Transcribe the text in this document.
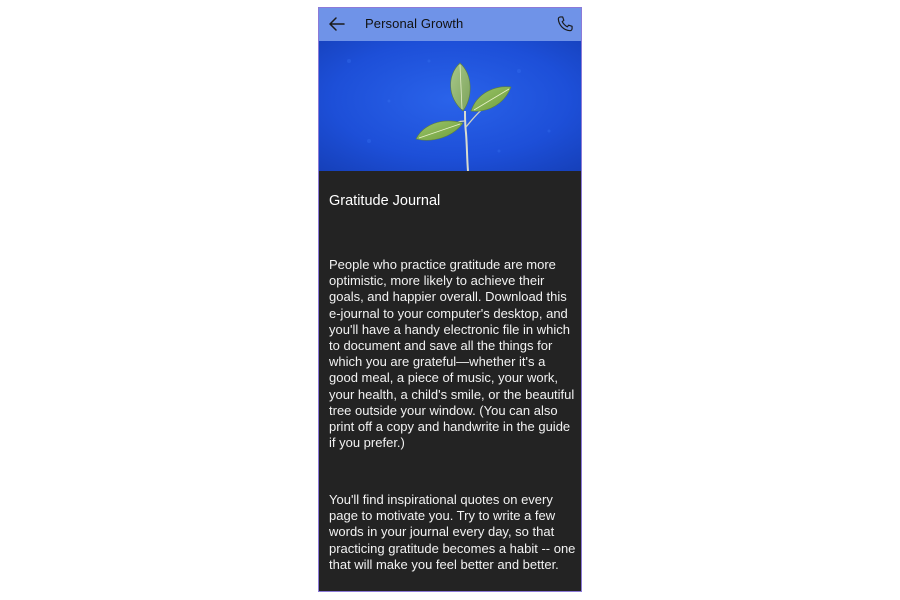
Personal Growth
Gratitude Journal

People who practice gratitude are more optimistic, more likely to achieve their goals, and happier overall. Download this e-journal to your computer's desktop, and you'll have a handy electronic file in which to document and save all the things for which you are grateful—whether it's a good meal, a piece of music, your work, your health, a child's smile, or the beautiful tree outside your window. (You can also print off a copy and handwrite in the guide if you prefer.)

You'll find inspirational quotes on every page to motivate you. Try to write a few words in your journal every day, so that practicing gratitude becomes a habit -- one that will make you feel better and better.
